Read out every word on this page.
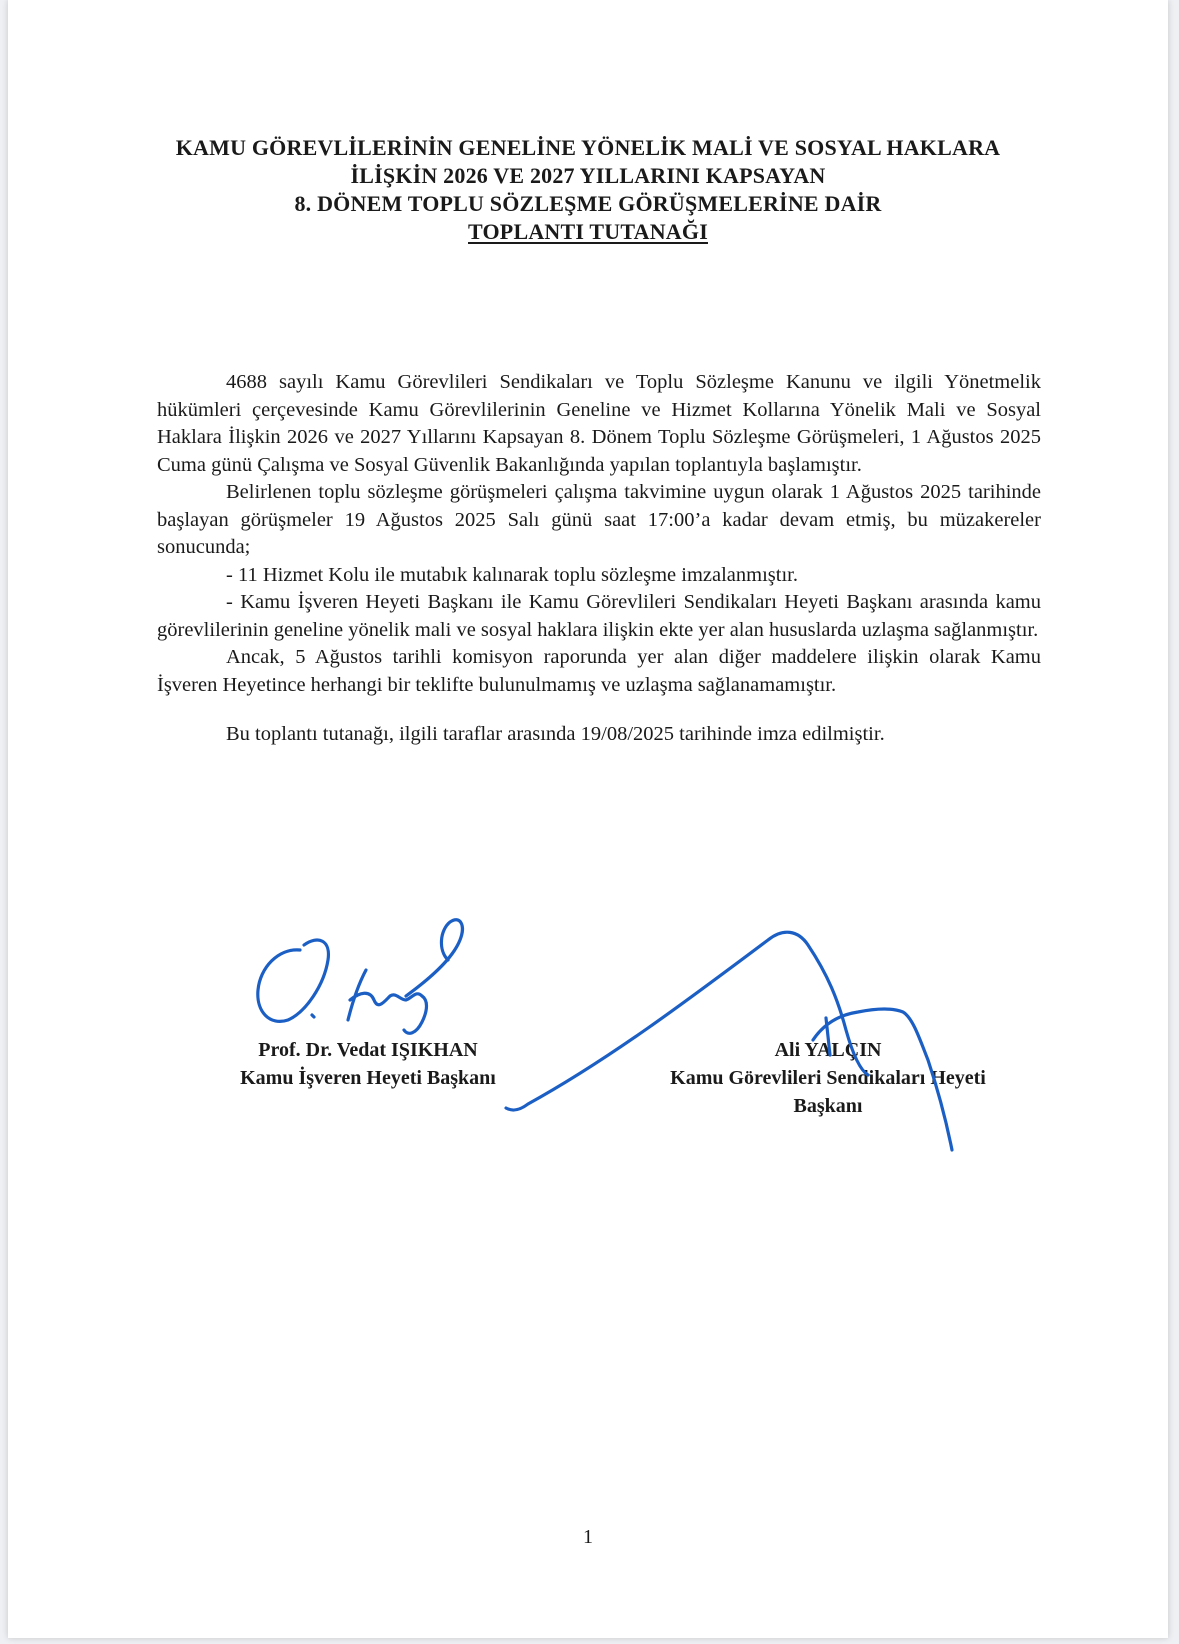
KAMU GÖREVLİLERİNİN GENELİNE YÖNELİK MALİ VE SOSYAL HAKLARA
İLİŞKİN 2026 VE 2027 YILLARINI KAPSAYAN
8. DÖNEM TOPLU SÖZLEŞME GÖRÜŞMELERİNE DAİR
TOPLANTI TUTANAĞI

4688 sayılı Kamu Görevlileri Sendikaları ve Toplu Sözleşme Kanunu ve ilgili Yönetmelik hükümleri çerçevesinde Kamu Görevlilerinin Geneline ve Hizmet Kollarına Yönelik Mali ve Sosyal Haklara İlişkin 2026 ve 2027 Yıllarını Kapsayan 8. Dönem Toplu Sözleşme Görüşmeleri, 1 Ağustos 2025 Cuma günü Çalışma ve Sosyal Güvenlik Bakanlığında yapılan toplantıyla başlamıştır.

Belirlenen toplu sözleşme görüşmeleri çalışma takvimine uygun olarak 1 Ağustos 2025 tarihinde başlayan görüşmeler 19 Ağustos 2025 Salı günü saat 17:00’a kadar devam etmiş, bu müzakereler sonucunda;

- 11 Hizmet Kolu ile mutabık kalınarak toplu sözleşme imzalanmıştır.

- Kamu İşveren Heyeti Başkanı ile Kamu Görevlileri Sendikaları Heyeti Başkanı arasında kamu görevlilerinin geneline yönelik mali ve sosyal haklara ilişkin ekte yer alan hususlarda uzlaşma sağlanmıştır.

Ancak, 5 Ağustos tarihli komisyon raporunda yer alan diğer maddelere ilişkin olarak Kamu İşveren Heyetince herhangi bir teklifte bulunulmamış ve uzlaşma sağlanamamıştır.

Bu toplantı tutanağı, ilgili taraflar arasında 19/08/2025 tarihinde imza edilmiştir.

Prof. Dr. Vedat IŞIKHAN
Kamu İşveren Heyeti Başkanı
Ali YALÇIN
Kamu Görevlileri Sendikaları Heyeti
Başkanı
1
